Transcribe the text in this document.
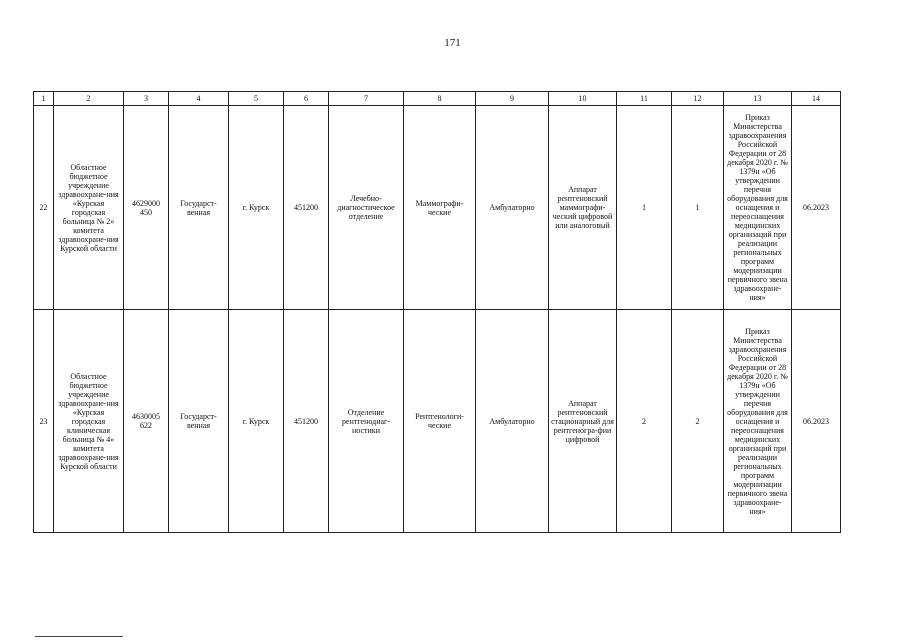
171
1	2	3	4	5	6	7	8	9	10	11	12	13	14
22	Областное бюджетное учреждение здравоохране-ния «Курская городская больница № 2» комитета здравоохране-ния Курской области	4629000 450	Государст-венная	г. Курск	451200	Лечебно-диагностическое отделение	Маммографи-ческие	Амбулаторно	Аппарат рентгеновский маммографи-ческий цифровой или аналоговый	1	1	Приказ Министерства здравоохранения Российской Федерации от 28 декабря 2020 г. № 1379н «Об утверждении перечня оборудования для оснащения и переоснащения медицинских организаций при реализации региональных программ модернизации первичного звена здравоохране-ния»	06.2023
23	Областное бюджетное учреждение здравоохране-ния «Курская городская клиническая больница № 4» комитета здравоохране-ния Курской области	4630005 622	Государст-венная	г. Курск	451200	Отделение рентгенодиаг-ностики	Рентгенологи-ческие	Амбулаторно	Аппарат рентгеновский стационарный для рентгеногра-фии цифровой	2	2	Приказ Министерства здравоохранения Российской Федерации от 28 декабря 2020 г. № 1379н «Об утверждении перечня оборудования для оснащения и переоснащения медицинских организаций при реализации региональных программ модернизации первичного звена здравоохране-ния»	06.2023
